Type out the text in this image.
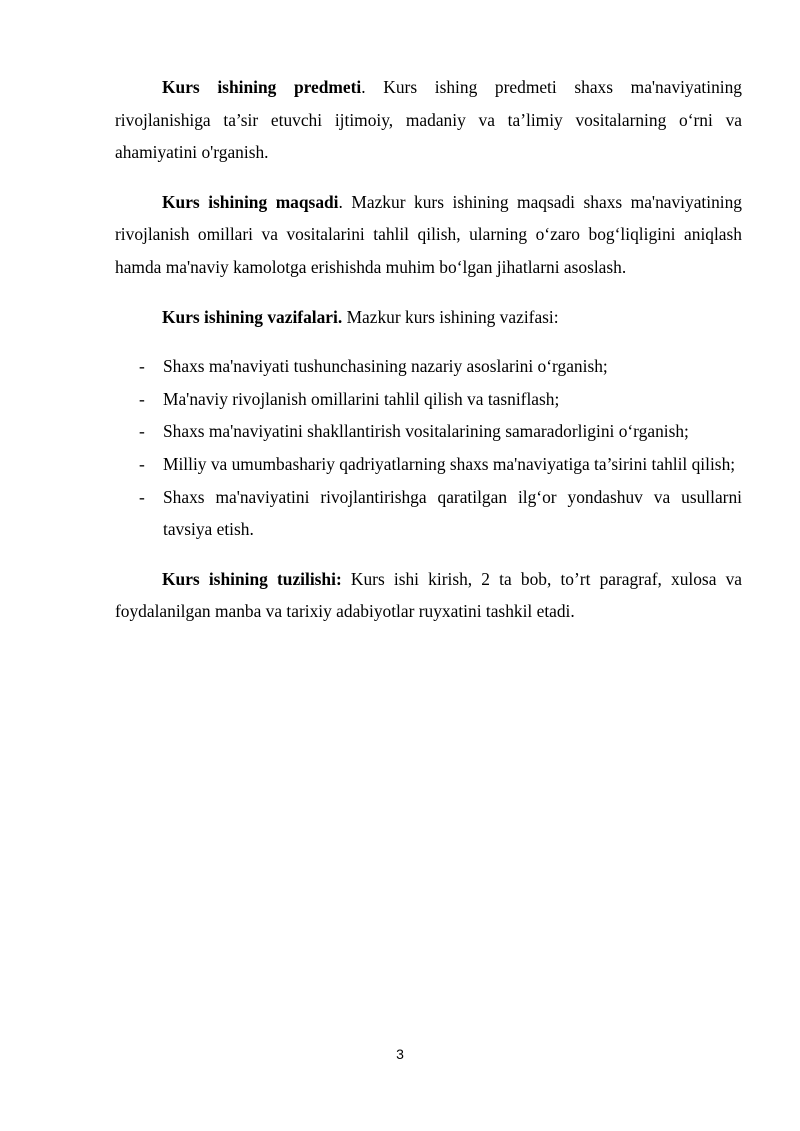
Kurs ishining predmeti. Kurs ishing predmeti shaxs ma'naviyatining rivojlanishiga ta’sir etuvchi ijtimoiy, madaniy va ta’limiy vositalarning o‘rni va ahamiyatini o'rganish.

Kurs ishining maqsadi. Mazkur kurs ishining maqsadi shaxs ma'naviyatining rivojlanish omillari va vositalarini tahlil qilish, ularning o‘zaro bog‘liqligini aniqlash hamda ma'naviy kamolotga erishishda muhim bo‘lgan jihatlarni asoslash.

Kurs ishining vazifalari. Mazkur kurs ishining vazifasi:

- Shaxs ma'naviyati tushunchasining nazariy asoslarini o‘rganish;
- Ma'naviy rivojlanish omillarini tahlil qilish va tasniflash;
- Shaxs ma'naviyatini shakllantirish vositalarining samaradorligini o‘rganish;
- Milliy va umumbashariy qadriyatlarning shaxs ma'naviyatiga ta’sirini tahlil qilish;
- Shaxs ma'naviyatini rivojlantirishga qaratilgan ilg‘or yondashuv va usullarni tavsiya etish.

Kurs ishining tuzilishi: Kurs ishi kirish, 2 ta bob, to’rt paragraf, xulosa va foydalanilgan manba va tarixiy adabiyotlar ruyxatini tashkil etadi.

3
